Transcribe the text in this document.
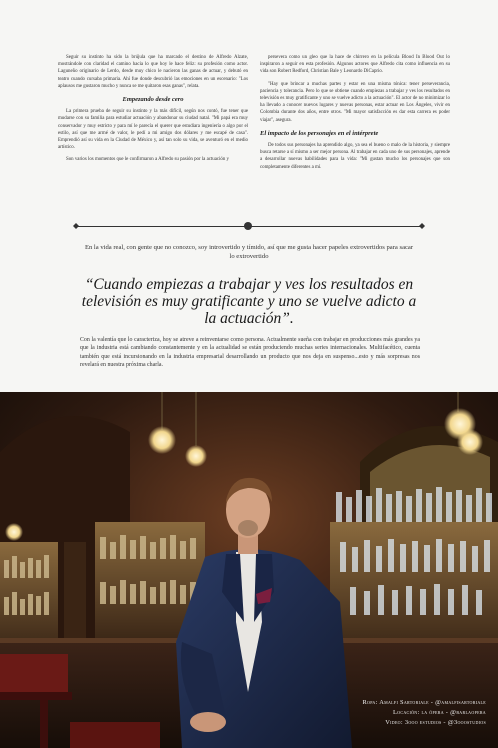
Seguir su instinto ha sido la brújula que ha marcado el destino de Alfredo Alzate, mostrándole con claridad el camino hacia lo que hoy le hace feliz: su profesión como actor. Laguneño originario de Lerdo, desde muy chico le nacieron las ganas de actuar, y debutó en teatro cuando cursaba primaria. Ahí fue donde descubrió las emociones en un escenario: "Los aplausos me gustaron mucho y nunca se me quitaron esas ganas", relata.

Empezando desde cero

La primera prueba de seguir su instinto y la más difícil, según nos contó, fue tener que mudarse con su familia para estudiar actuación y abandonar su ciudad natal. "Mi papá era muy conservador y muy estricto y para mí le parecía el querer que estudiara ingeniería o algo por el estilo, así que me armé de valor, le pedí a mi amigo dos dólares y me escapé de casa". Emprendió así su vida en la Ciudad de México y, así tan solo su vida, se aventuró en el medio artístico.

Son varios los momentos que le confirmaron a Alfredo su pasión por la actuación y

persevera como un gleo que la hace de chirrero en la película Blood In Blood Out lo inspiraron a seguir en esta profesión. Algunos actores que Alfredo cita como influencia en su vida son Robert Redford, Christian Bale y Leonardo DiCaprio.

"Hay que brincar a muchas partes y estar en una misma tónica: tener perseverancia, paciencia y tolerancia. Pero lo que se obtiene cuando empiezas a trabajar y ves los resultados en televisión es muy gratificante y uno se vuelve adicto a la actuación". El actor de no minimizar lo ha llevado a conocer nuevos lugares y nuevas personas, estar actuar en Los Ángeles, vivir en Colombia durante dos años, entre otros. "Mi mayor satisfacción es dar esta carrera es poder viajar", asegura.

El impacto de los personajes en el intérprete

De todos sus personajes ha aprendido algo, ya sea el bueno o malo de la historia, y siempre busca retarse a sí mismo a ser mejor persona. Al trabajar en cada uno de sus personajes, aprende a desarrollar nuevas habilidades para la vida: "Mi gustan mucho los personajes que son completamente diferentes a mí.

En la vida real, con gente que no conozco, soy introvertido y tímido, así que me gusta hacer papeles extrovertidos para sacar lo extrovertido

“Cuando empiezas a trabajar y ves los resultados en televisión es muy gratificante y uno se vuelve adicto a la actuación”.

Con la valentía que lo caracteriza, hoy se atreve a reinventarse como persona. Actualmente sueña con trabajar en producciones más grandes ya que la industria está cambiando constantemente y en la actualidad se están produciendo muchas series internacionales. Multifacético, cuenta también que está incursionando en la industria empresarial desarrollando un producto que nos deja en suspenso...esto y más sorpresas nos revelará en nuestra próxima charla.
Ropa: Amalfi Sartoriale - @amalfisartoriale
Locación: la ópera - @barlaopera
Video: 3ooo estudios - @3ooostudios
